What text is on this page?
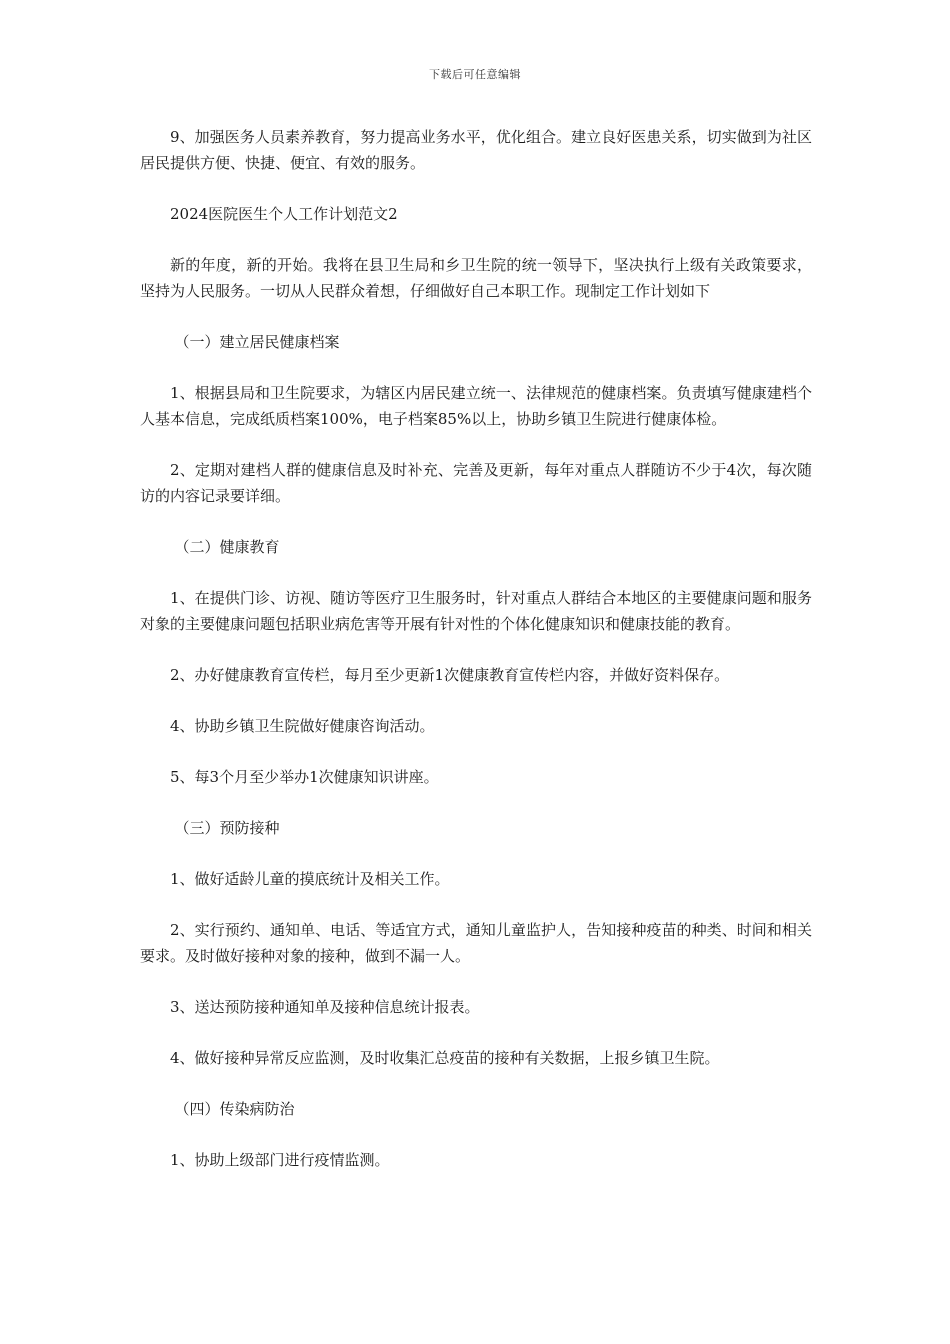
下载后可任意编辑

9、加强医务人员素养教育，努力提高业务水平，优化组合。建立良好医患关系，切实做到为社区居民提供方便、快捷、便宜、有效的服务。

2024医院医生个人工作计划范文2

新的年度，新的开始。我将在县卫生局和乡卫生院的统一领导下，坚决执行上级有关政策要求，坚持为人民服务。一切从人民群众着想，仔细做好自己本职工作。现制定工作计划如下

（一）建立居民健康档案

1、根据县局和卫生院要求，为辖区内居民建立统一、法律规范的健康档案。负责填写健康建档个人基本信息，完成纸质档案100%，电子档案85%以上，协助乡镇卫生院进行健康体检。

2、定期对建档人群的健康信息及时补充、完善及更新，每年对重点人群随访不少于4次，每次随访的内容记录要详细。

（二）健康教育

1、在提供门诊、访视、随访等医疗卫生服务时，针对重点人群结合本地区的主要健康问题和服务对象的主要健康问题包括职业病危害等开展有针对性的个体化健康知识和健康技能的教育。

2、办好健康教育宣传栏，每月至少更新1次健康教育宣传栏内容，并做好资料保存。

4、协助乡镇卫生院做好健康咨询活动。

5、每3个月至少举办1次健康知识讲座。

（三）预防接种

1、做好适龄儿童的摸底统计及相关工作。

2、实行预约、通知单、电话、等适宜方式，通知儿童监护人，告知接种疫苗的种类、时间和相关要求。及时做好接种对象的接种，做到不漏一人。

3、送达预防接种通知单及接种信息统计报表。

4、做好接种异常反应监测，及时收集汇总疫苗的接种有关数据，上报乡镇卫生院。

（四）传染病防治

1、协助上级部门进行疫情监测。
